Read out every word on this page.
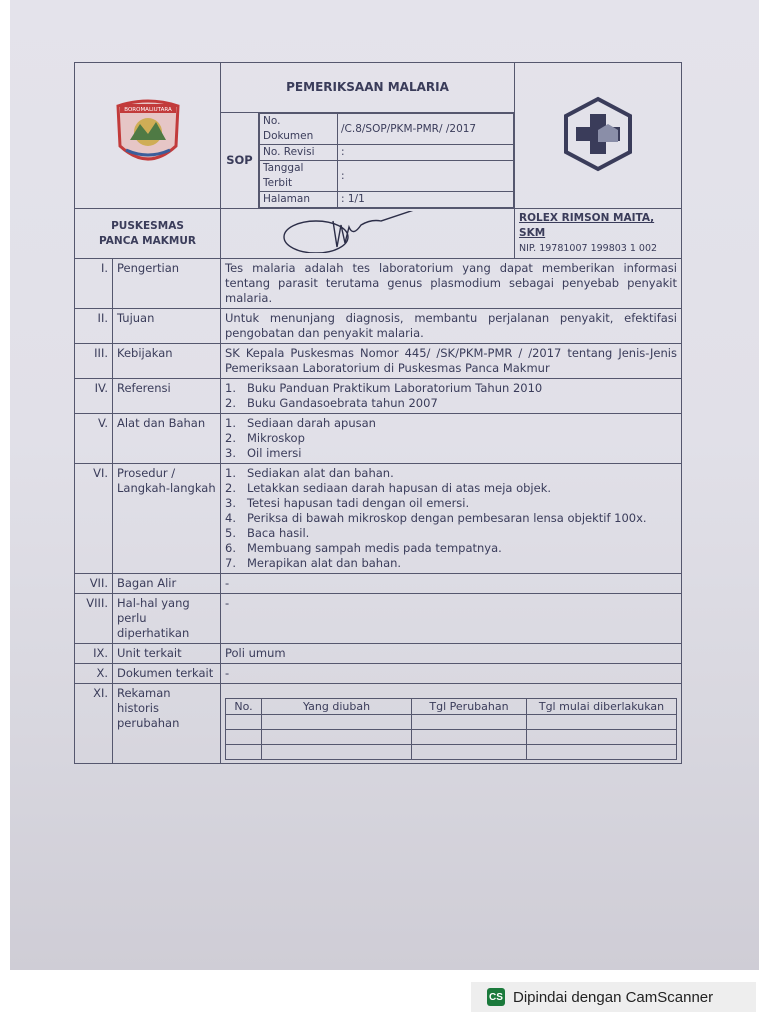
BOROMALIUTARA
	PEMERIKSAAN MALARIA	
SOP	
No. Dokumen	/C.8/SOP/PKM-PMR/ /2017
No. Revisi	:
Tanggal Terbit	:
Halaman	: 1/1

PUSKESMAS
PANCA MAKMUR

ROLEX RIMSON MAITA, SKM
NIP. 19781007 199803 1 002
I.	Pengertian	Tes malaria adalah tes laboratorium yang dapat memberikan informasi tentang parasit terutama genus plasmodium sebagai penyebab penyakit malaria.
II.	Tujuan	Untuk menunjang diagnosis, membantu perjalanan penyakit, efektifasi pengobatan dan penyakit malaria.
III.	Kebijakan	SK Kepala Puskesmas Nomor 445/ /SK/PKM-PMR / /2017 tentang Jenis-Jenis Pemeriksaan Laboratorium di Puskesmas Panca Makmur
IV.	Referensi	1. Buku Panduan Praktikum Laboratorium Tahun 2010
2. Buku Gandasoebrata tahun 2007

V.	Alat dan Bahan	1. Sediaan darah apusan
2. Mikroskop
3. Oil imersi

VI.	Prosedur / Langkah-langkah	
1. Sediakan alat dan bahan.
2. Letakkan sediaan darah hapusan di atas meja objek.
3. Tetesi hapusan tadi dengan oil emersi.
4. Periksa di bawah mikroskop dengan pembesaran lensa objektif 100x.
5. Baca hasil.
6. Membuang sampah medis pada tempatnya.
7. Merapikan alat dan bahan.

VII.	Bagan Alir	-
VIII.	Hal-hal yang perlu diperhatikan	-
IX.	Unit terkait	Poli umum
X.	Dokumen terkait	-
XI.	Rekaman historis perubahan	
No.	Yang diubah	Tgl Perubahan	Tgl mulai diberlakukan

CS Dipindai dengan CamScanner
